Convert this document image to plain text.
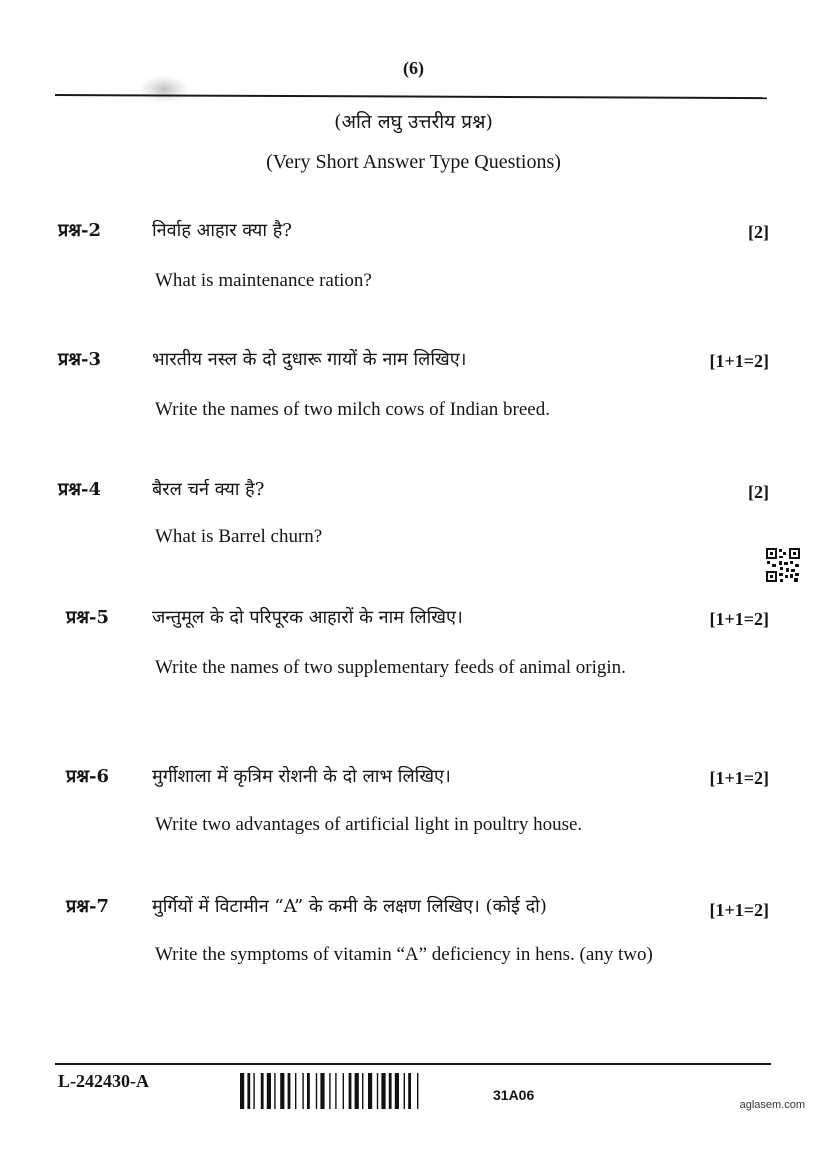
(6)
(अति लघु उत्तरीय प्रश्न)
(Very Short Answer Type Questions)
प्रश्न-2	निर्वाह आहार क्या है?	[2]
What is maintenance ration?
प्रश्न-3	भारतीय नस्ल के दो दुधारू गायों के नाम लिखिए।	[1+1=2]
Write the names of two milch cows of Indian breed.
प्रश्न-4	बैरल चर्न क्या है?	[2]
What is Barrel churn?
प्रश्न-5 जन्तुमूल के दो परिपूरक आहारों के नाम लिखिए।	[1+1=2]
Write the names of two supplementary feeds of animal origin.
प्रश्न-6 मुर्गीशाला में कृत्रिम रोशनी के दो लाभ लिखिए।	[1+1=2]
Write two advantages of artificial light in poultry house.
प्रश्न-7 मुर्गियों में विटामीन “A” के कमी के लक्षण लिखिए। (कोई दो)	[1+1=2]
Write the symptoms of vitamin “A” deficiency in hens. (any two)
L-242430-A
31A06
aglasem.com
